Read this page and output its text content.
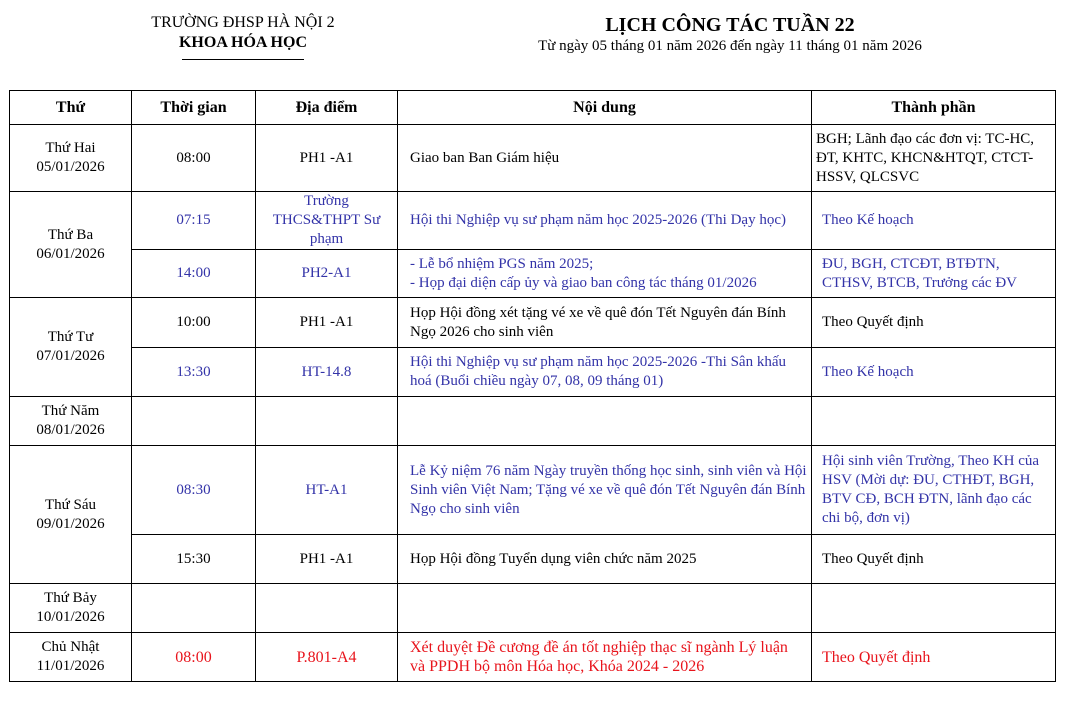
TRƯỜNG ĐHSP HÀ NỘI 2
KHOA HÓA HỌC
LỊCH CÔNG TÁC TUẦN 22
Từ ngày 05 tháng 01 năm 2026 đến ngày 11 tháng 01 năm 2026
Thứ	Thời gian	Địa điểm	Nội dung	Thành phần

Thứ Hai
05/01/2026	08:00	PH1 -A1	Giao ban Ban Giám hiệu	BGH; Lãnh đạo các đơn vị: TC-HC, ĐT, KHTC, KHCN&HTQT, CTCT-HSSV, QLCSVC

Thứ Ba
06/01/2026	07:15	Trường THCS&THPT Sư phạm	Hội thi Nghiệp vụ sư phạm năm học 2025-2026 (Thi Dạy học)	Theo Kế hoạch
	14:00	PH2-A1	- Lễ bổ nhiệm PGS năm 2025;
- Họp đại diện cấp ủy và giao ban công tác tháng 01/2026	ĐU, BGH, CTCĐT, BTĐTN, CTHSV, BTCB, Trưởng các ĐV

Thứ Tư
07/01/2026	10:00	PH1 -A1	Họp Hội đồng xét tặng vé xe về quê đón Tết Nguyên đán Bính Ngọ 2026 cho sinh viên	Theo Quyết định
	13:30	HT-14.8	Hội thi Nghiệp vụ sư phạm năm học 2025-2026 -Thi Sân khấu hoá (Buổi chiều ngày 07, 08, 09 tháng 01)	Theo Kế hoạch

Thứ Năm
08/01/2026				

Thứ Sáu
09/01/2026	08:30	HT-A1	Lễ Kỷ niệm 76 năm Ngày truyền thống học sinh, sinh viên và Hội Sinh viên Việt Nam; Tặng vé xe về quê đón Tết Nguyên đán Bính Ngọ cho sinh viên	Hội sinh viên Trường, Theo KH của HSV (Mời dự: ĐU, CTHĐT, BGH, BTV CĐ, BCH ĐTN, lãnh đạo các chi bộ, đơn vị)
	15:30	PH1 -A1	Họp Hội đồng Tuyển dụng viên chức năm 2025	Theo Quyết định

Thứ Bảy
10/01/2026				

Chủ Nhật
11/01/2026	08:00	P.801-A4	Xét duyệt Đề cương đề án tốt nghiệp thạc sĩ ngành Lý luận và PPDH bộ môn Hóa học, Khóa 2024 - 2026	Theo Quyết định
